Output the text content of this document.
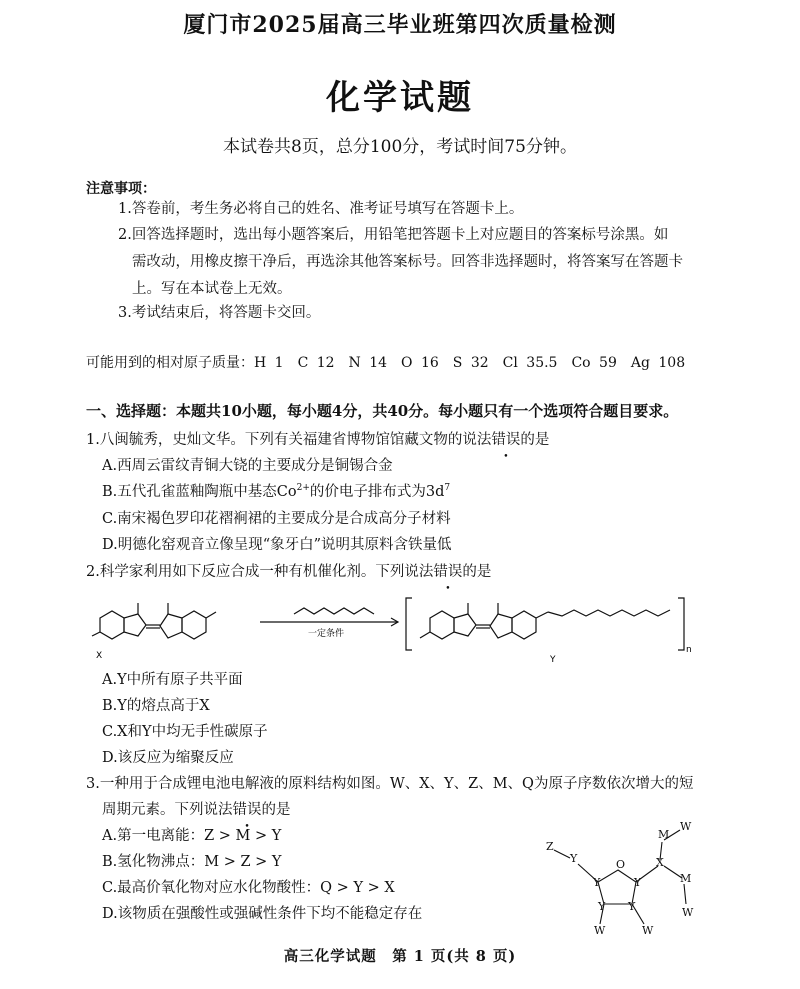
厦门市2025届高三毕业班第四次质量检测
化学试题
本试卷共8页，总分100分，考试时间75分钟。
注意事项：
1.答卷前，考生务必将自己的姓名、准考证号填写在答题卡上。
2.回答选择题时，选出每小题答案后，用铅笔把答题卡上对应题目的答案标号涂黑。如
需改动，用橡皮擦干净后，再选涂其他答案标号。回答非选择题时，将答案写在答题卡
上。写在本试卷上无效。
3.考试结束后，将答题卡交回。
可能用到的相对原子质量：H 1　C 12　N 14　O 16　S 32　Cl 35.5　Co 59　Ag 108
一、选择题：本题共10小题，每小题4分，共40分。每小题只有一个选项符合题目要求。
1.八闽毓秀，史灿文华。下列有关福建省博物馆馆藏文物的说法错误的是
A.西周云雷纹青铜大铙的主要成分是铜锡合金
B.五代孔雀蓝釉陶瓶中基态$Co^{2+}$的价电子排布式为$3d^7$
C.南宋褐色罗印花褶裥裙的主要成分是合成高分子材料
D.明德化窑观音立像呈现“象牙白”说明其原料含铁量低
2.科学家利用如下反应合成一种有机催化剂。下列说法错误的是
X
一定条件
Y
n
A.Y中所有原子共平面
B.Y的熔点高于X
C.X和Y中均无手性碳原子
D.该反应为缩聚反应
3.一种用于合成锂电池电解液的原料结构如图。W、X、Y、Z、M、Q为原子序数依次增大的短
周期元素。下列说法错误的是
A.第一电离能：Z > M > Y
B.氢化物沸点：M > Z > Y
C.最高价氧化物对应水化物酸性：Q > Y > X
D.该物质在强酸性或强碱性条件下均不能稳定存在
O
Y	Y
Y Y
Y
Z
X
M
W
M
W
W	W
高三化学试题　第 1 页(共 8 页)
